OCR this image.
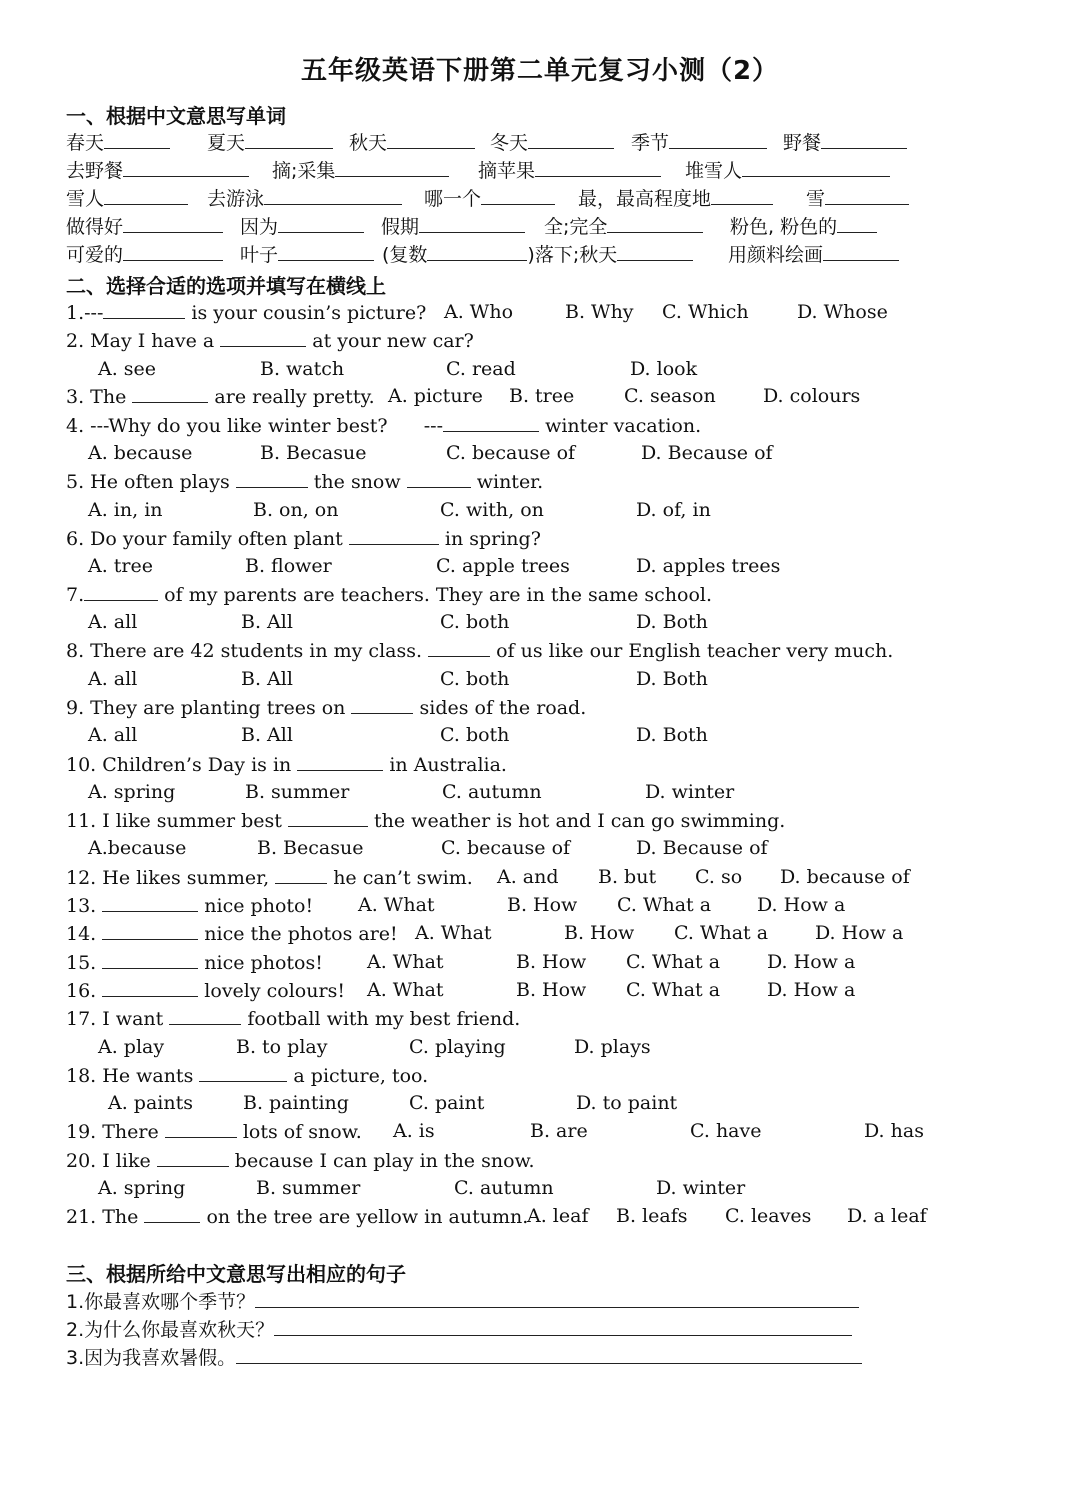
五年级英语下册第二单元复习小测（2）
一、根据中文意思写单词
春天	夏天	秋天	冬天	季节	野餐
去野餐	摘;采集	摘苹果	堆雪人
雪人	去游泳	哪一个	最，最高程度地	雪
做得好	因为	假期	全;完全	粉色, 粉色的
可爱的	叶子	(复数	)落下;秋天	用颜料绘画
二、选择合适的选项并填写在横线上
1.---	is your cousin’s picture? A. Who	B. Why C. Which	D. Whose
2. May I have a	at your new car?
A. see	B. watch	C. read	D. look
3. The	are really pretty. A. picture B. tree	C. season D. colours
4. ---Why do you like winter best?      ---	winter vacation.
A. because	B. Becasue	C. because of	D. Because of
5. He often plays	the snow	winter.
A. in, in	B. on, on	C. with, on	D. of, in
6. Do your family often plant	in spring?
A. tree	B. flower	C. apple trees	D. apples trees
7.	of my parents are teachers. They are in the same school.
A. all	B. All	C. both	D. Both
8. There are 42 students in my class.	of us like our English teacher very much.
A. all	B. All	C. both	D. Both
9. They are planting trees on	sides of the road.
A. all	B. All	C. both	D. Both
10. Children’s Day is in	in Australia.
A. spring	B. summer	C. autumn	D. winter
11. I like summer best	the weather is hot and I can go swimming.
A.because	B. Becasue	C. because of	D. Because of
12. He likes summer,	he can’t swim. A. and B. but C. so D. because of
13.	nice photo! A. What	B. How C. What a D. How a
14.	nice the photos are! A. What	B. How C. What a D. How a
15.	nice photos! A. What	B. How C. What a D. How a
16.	lovely colours! A. What	B. How C. What a D. How a
17. I want	football with my best friend.
A. play	B. to play	C. playing	D. plays
18. He wants	a picture, too.
A. paints	B. painting	C. paint	D. to paint
19. There	lots of snow. A. is	B. are	C. have	D. has
20. I like	because I can play in the snow.
A. spring	B. summer	C. autumn	D. winter
21. The	on the tree are yellow in autumn.
A. leaf B. leafs C. leaves D. a leaf
三、根据所给中文意思写出相应的句子
1.你最喜欢哪个季节？
2.为什么你最喜欢秋天？
3.因为我喜欢暑假。
